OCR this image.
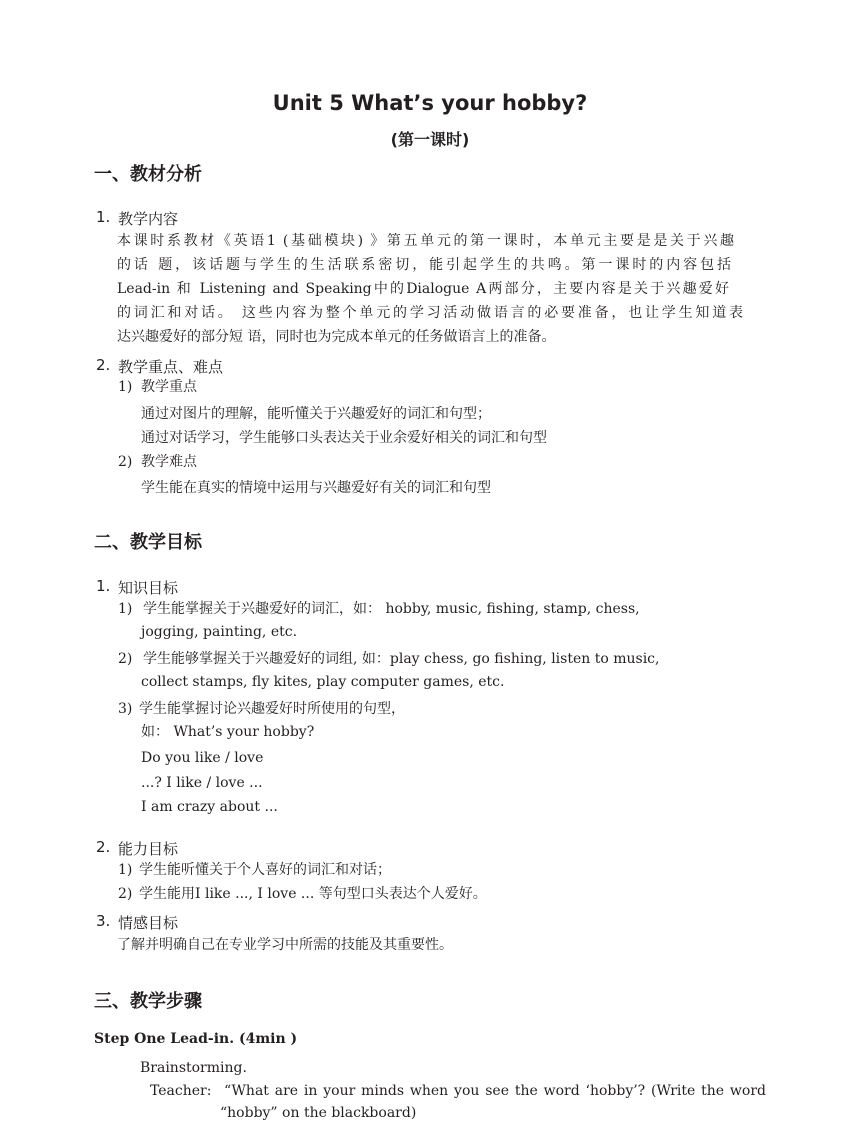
Unit 5 What’s your hobby?
(第一课时)
一、教材分析
1. 教学内容
本课时系教材《英语1 (基础模块) 》第五单元的第一课时，本单元主要是是关于兴趣
的话 题，该话题与学生的生活联系密切，能引起学生的共鸣。第一课时的内容包括
Lead-in 和 Listening and Speaking中的Dialogue A两部分，主要内容是关于兴趣爱好
的词汇和对话。 这些内容为整个单元的学习活动做语言的必要准备，也让学生知道表
达兴趣爱好的部分短 语，同时也为完成本单元的任务做语言上的准备。
2. 教学重点、难点
1) 教学重点
通过对图片的理解，能听懂关于兴趣爱好的词汇和句型；
通过对话学习，学生能够口头表达关于业余爱好相关的词汇和句型
2) 教学难点
学生能在真实的情境中运用与兴趣爱好有关的词汇和句型
二、教学目标
1. 知识目标
1) 学生能掌握关于兴趣爱好的词汇，如： hobby, music, fishing, stamp, chess,
jogging, painting, etc.
2) 学生能够掌握关于兴趣爱好的词组, 如：play chess, go fishing, listen to music,
collect stamps, fly kites, play computer games, etc.
3) 学生能掌握讨论兴趣爱好时所使用的句型，
如： What’s your hobby?
Do you like / love
...? I like / love ...
I am crazy about ...
2. 能力目标
1) 学生能听懂关于个人喜好的词汇和对话；
2) 学生能用I like ..., I love ... 等句型口头表达个人爱好。
3. 情感目标
了解并明确自己在专业学习中所需的技能及其重要性。
三、教学步骤
Step One Lead-in. (4min )
Brainstorming.
Teacher: “What are in your minds when you see the word ‘hobby’? (Write the word
“hobby” on the blackboard)
